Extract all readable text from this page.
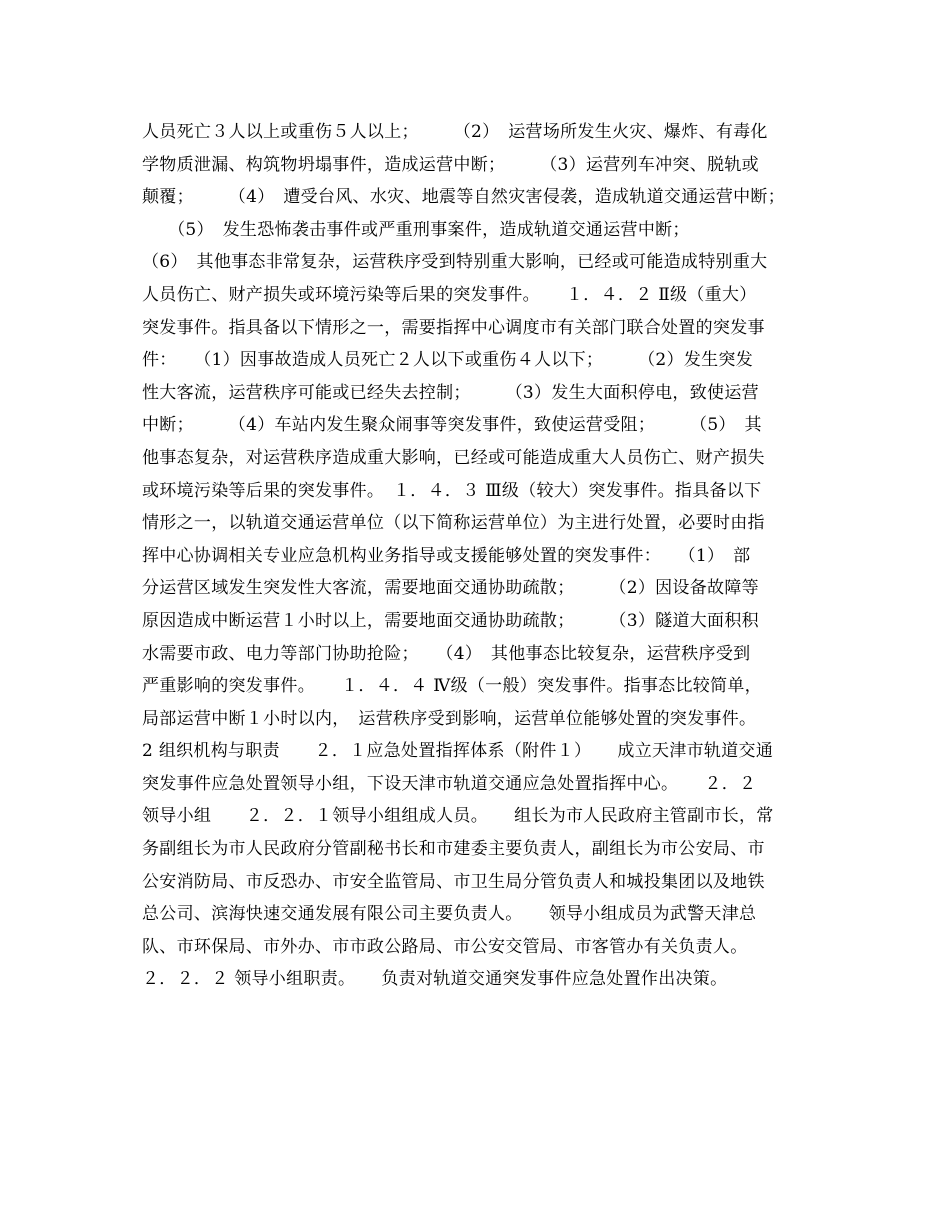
人员死亡３人以上或重伤５人以上；　　　（2）　运营场所发生火灾、爆炸、有毒化
学物质泄漏、构筑物坍塌事件，造成运营中断；　　　（3）运营列车冲突、脱轨或
颠覆；　　　（4）　遭受台风、水灾、地震等自然灾害侵袭，造成轨道交通运营中断；
　　（5）　发生恐怖袭击事件或严重刑事案件，造成轨道交通运营中断；
（6）　其他事态非常复杂，运营秩序受到特别重大影响，已经或可能造成特别重大
人员伤亡、财产损失或环境污染等后果的突发事件。　　１．４．２ Ⅱ级（重大）
突发事件。指具备以下情形之一，需要指挥中心调度市有关部门联合处置的突发事
件：　　（1）因事故造成人员死亡２人以下或重伤４人以下；　　　（2）发生突发
性大客流，运营秩序可能或已经失去控制；　　　（3）发生大面积停电，致使运营
中断；　　　（4）车站内发生聚众闹事等突发事件，致使运营受阻；　　　（5）　其
他事态复杂，对运营秩序造成重大影响，已经或可能造成重大人员伤亡、财产损失
或环境污染等后果的突发事件。　１．４．３ Ⅲ级（较大）突发事件。指具备以下
情形之一，以轨道交通运营单位（以下简称运营单位）为主进行处置，必要时由指
挥中心协调相关专业应急机构业务指导或支援能够处置的突发事件：　　（1）　部
分运营区域发生突发性大客流，需要地面交通协助疏散；　　　（2）因设备故障等
原因造成中断运营１小时以上，需要地面交通协助疏散；　　　（3）隧道大面积积
水需要市政、电力等部门协助抢险；　　（4）　其他事态比较复杂，运营秩序受到
严重影响的突发事件。　　１．４．４ Ⅳ级（一般）突发事件。指事态比较简单，
局部运营中断１小时以内，　运营秩序受到影响，运营单位能够处置的突发事件。
2 组织机构与职责　　２．１应急处置指挥体系（附件１）　　成立天津市轨道交通
突发事件应急处置领导小组，下设天津市轨道交通应急处置指挥中心。　　２．２
领导小组　　２．２．１领导小组组成人员。　　组长为市人民政府主管副市长，常
务副组长为市人民政府分管副秘书长和市建委主要负责人，副组长为市公安局、市
公安消防局、市反恐办、市安全监管局、市卫生局分管负责人和城投集团以及地铁
总公司、滨海快速交通发展有限公司主要负责人。　　领导小组成员为武警天津总
队、市环保局、市外办、市市政公路局、市公安交管局、市客管办有关负责人。
２．２．２ 领导小组职责。　　负责对轨道交通突发事件应急处置作出决策。
